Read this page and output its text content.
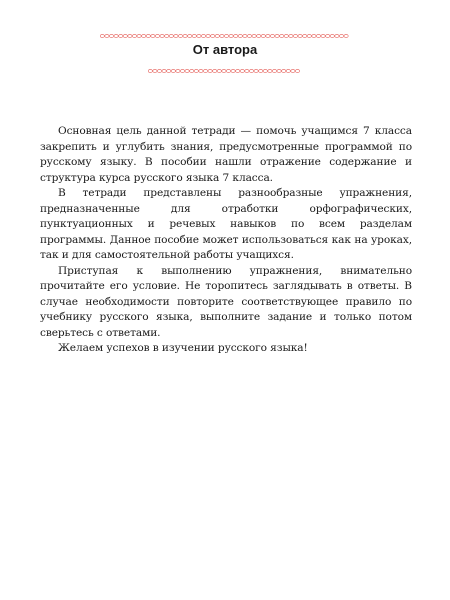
От автора

Основная цель данной тетради — помочь учащимся 7 класса закрепить и углубить знания, предусмотренные программой по русскому языку. В пособии нашли отражение содержание и структура курса русского языка 7 класса.

В тетради представлены разнообразные упражнения, предназначенные для отработки орфографических, пунктуационных и речевых навыков по всем разделам программы. Данное пособие может использоваться как на уроках, так и для самостоятельной работы учащихся.

Приступая к выполнению упражнения, внимательно прочитайте его условие. Не торопитесь заглядывать в ответы. В случае необходимости повторите соответствующее правило по учебнику русского языка, выполните задание и только потом сверьтесь с ответами.

Желаем успехов в изучении русского языка!
